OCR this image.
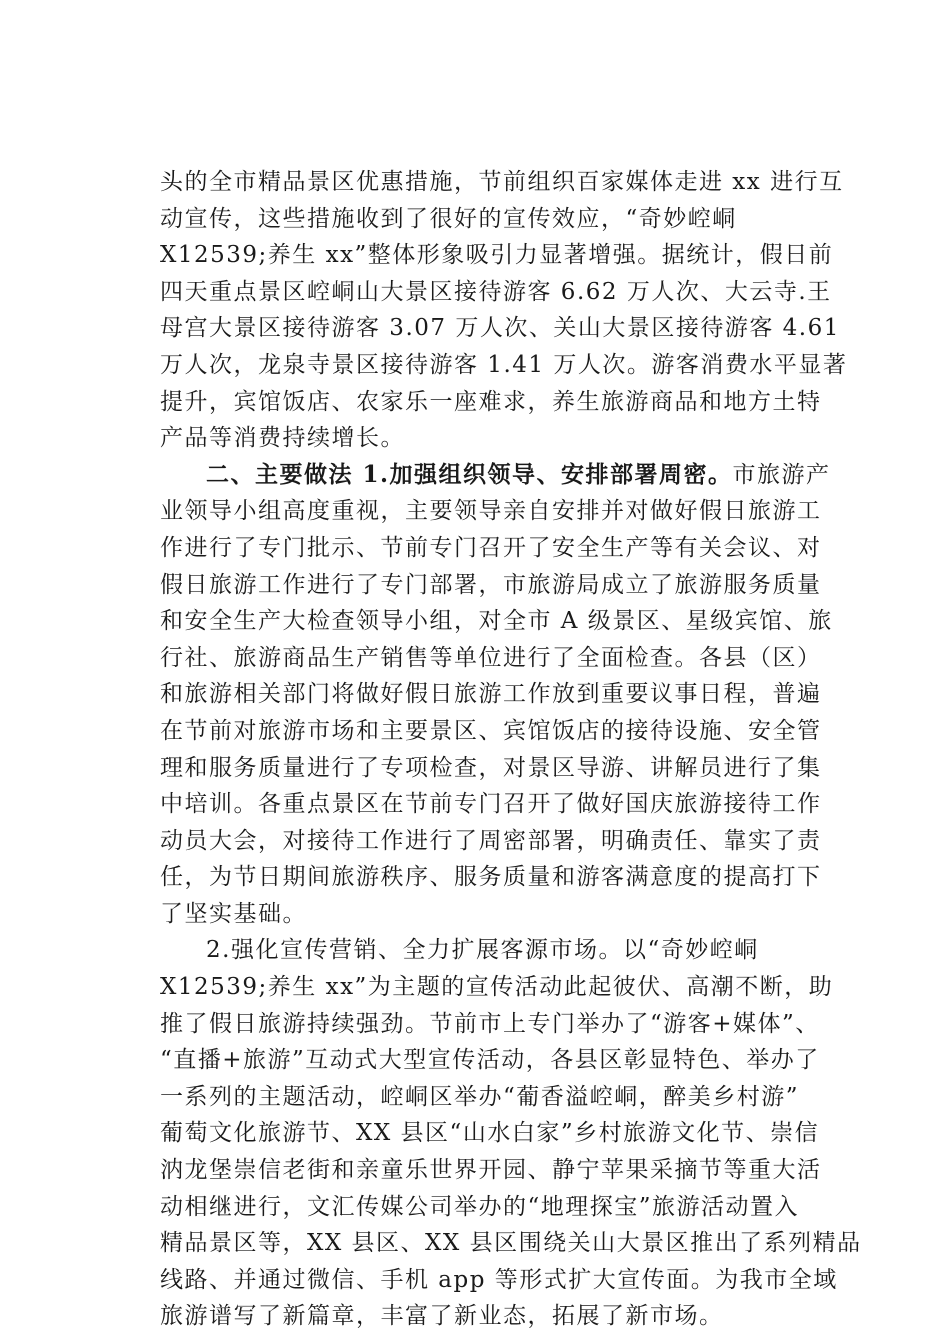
头的全市精品景区优惠措施，节前组织百家媒体走进 xx 进行互
动宣传，这些措施收到了很好的宣传效应，“奇妙崆峒
X12539;养生 xx”整体形象吸引力显著增强。据统计，假日前
四天重点景区崆峒山大景区接待游客 6.62 万人次、大云寺.王
母宫大景区接待游客 3.07 万人次、关山大景区接待游客 4.61
万人次，龙泉寺景区接待游客 1.41 万人次。游客消费水平显著
提升，宾馆饭店、农家乐一座难求，养生旅游商品和地方土特
产品等消费持续增长。
二、主要做法 1.加强组织领导、安排部署周密。市旅游产
业领导小组高度重视，主要领导亲自安排并对做好假日旅游工
作进行了专门批示、节前专门召开了安全生产等有关会议、对
假日旅游工作进行了专门部署，市旅游局成立了旅游服务质量
和安全生产大检查领导小组，对全市 A 级景区、星级宾馆、旅
行社、旅游商品生产销售等单位进行了全面检查。各县（区）
和旅游相关部门将做好假日旅游工作放到重要议事日程，普遍
在节前对旅游市场和主要景区、宾馆饭店的接待设施、安全管
理和服务质量进行了专项检查，对景区导游、讲解员进行了集
中培训。各重点景区在节前专门召开了做好国庆旅游接待工作
动员大会，对接待工作进行了周密部署，明确责任、靠实了责
任，为节日期间旅游秩序、服务质量和游客满意度的提高打下
了坚实基础。
2.强化宣传营销、全力扩展客源市场。以“奇妙崆峒
X12539;养生 xx”为主题的宣传活动此起彼伏、高潮不断，助
推了假日旅游持续强劲。节前市上专门举办了“游客+媒体”、
“直播+旅游”互动式大型宣传活动，各县区彰显特色、举办了
一系列的主题活动，崆峒区举办“葡香溢崆峒，醉美乡村游”
葡萄文化旅游节、XX 县区“山水白家”乡村旅游文化节、崇信
汭龙堡崇信老街和亲童乐世界开园、静宁苹果采摘节等重大活
动相继进行，文汇传媒公司举办的“地理探宝”旅游活动置入
精品景区等，XX 县区、XX 县区围绕关山大景区推出了系列精品
线路、并通过微信、手机 app 等形式扩大宣传面。为我市全域
旅游谱写了新篇章，丰富了新业态，拓展了新市场。
